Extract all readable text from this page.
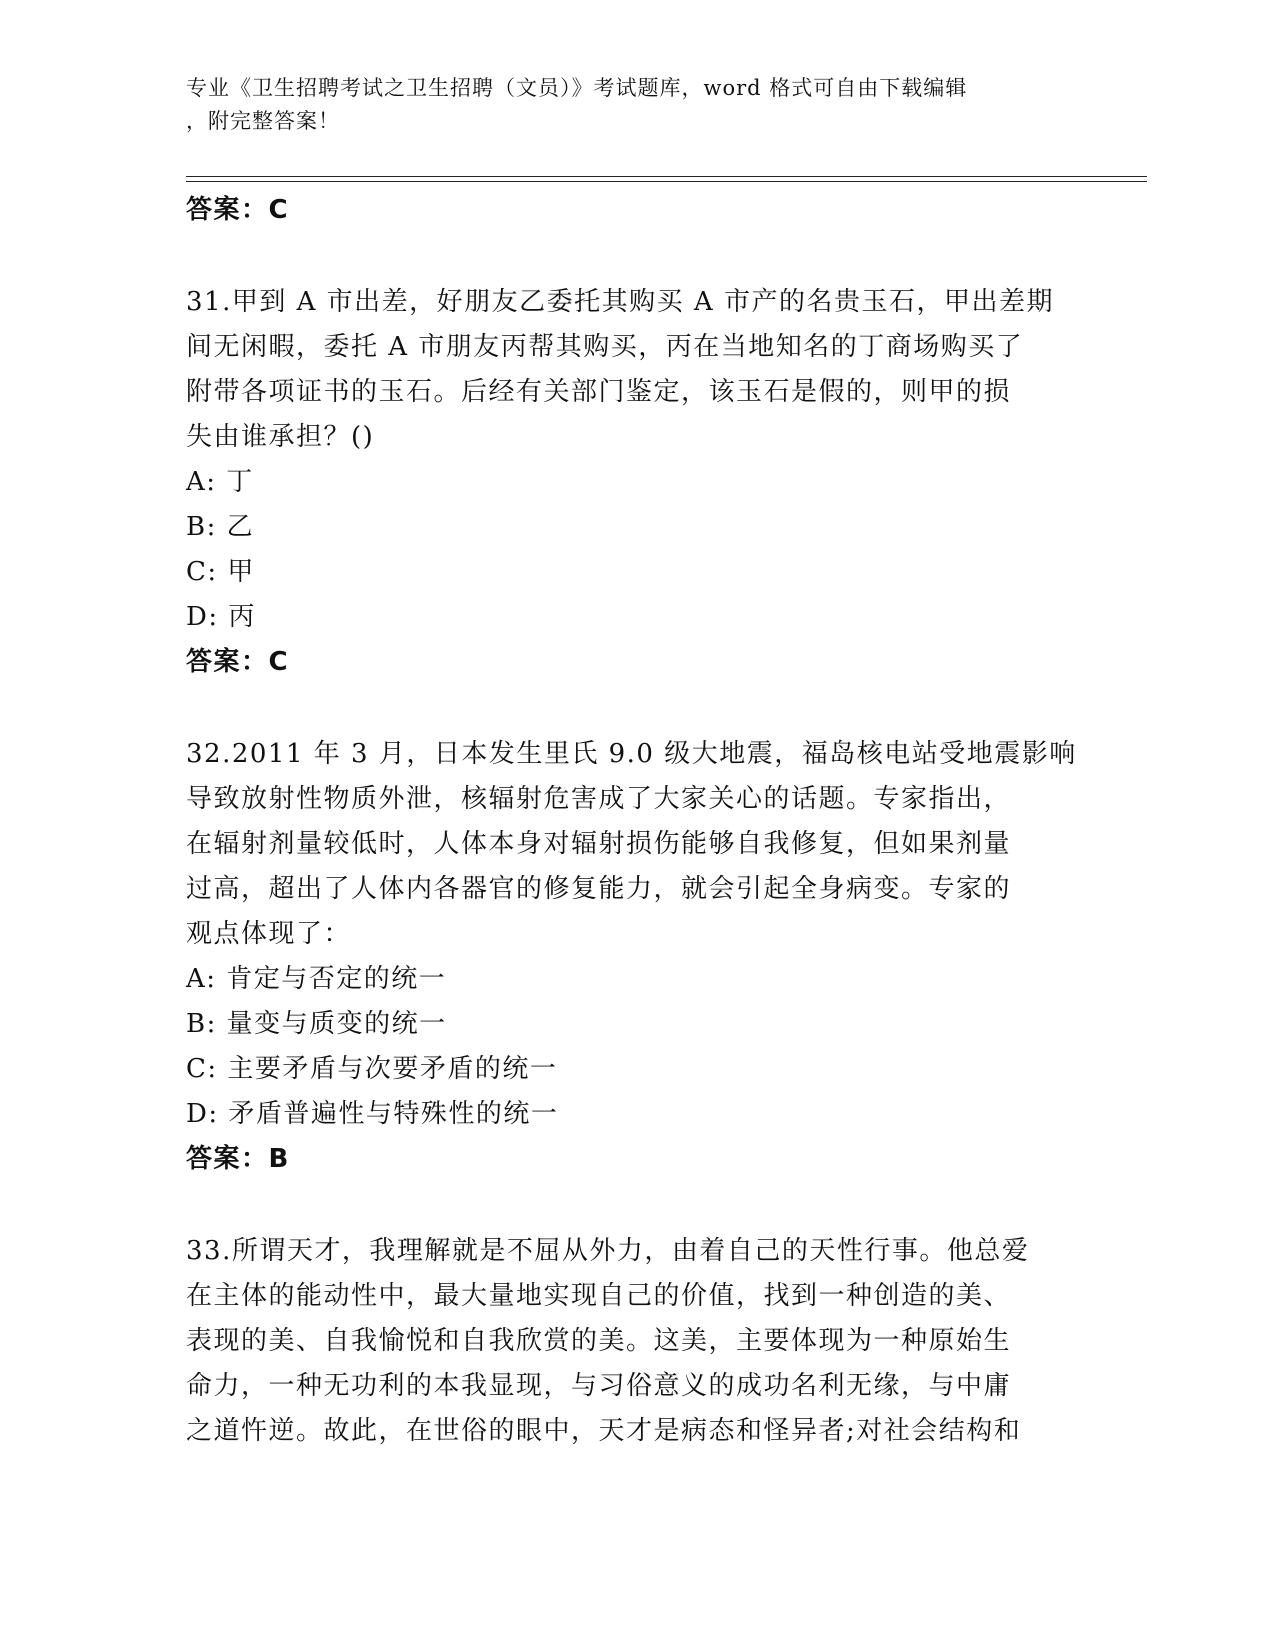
专业《卫生招聘考试之卫生招聘（文员）》考试题库，word 格式可自由下载编辑
，附完整答案！
答案：C
31.甲到 A 市出差，好朋友乙委托其购买 A 市产的名贵玉石，甲出差期
间无闲暇，委托 A 市朋友丙帮其购买，丙在当地知名的丁商场购买了
附带各项证书的玉石。后经有关部门鉴定，该玉石是假的，则甲的损
失由谁承担？()
A: 丁
B: 乙
C: 甲
D: 丙
答案：C
32.2011 年 3 月，日本发生里氏 9.0 级大地震，福岛核电站受地震影响
导致放射性物质外泄，核辐射危害成了大家关心的话题。专家指出，
在辐射剂量较低时，人体本身对辐射损伤能够自我修复，但如果剂量
过高，超出了人体内各器官的修复能力，就会引起全身病变。专家的
观点体现了：
A: 肯定与否定的统一
B: 量变与质变的统一
C: 主要矛盾与次要矛盾的统一
D: 矛盾普遍性与特殊性的统一
答案：B
33.所谓天才，我理解就是不屈从外力，由着自己的天性行事。他总爱
在主体的能动性中，最大量地实现自己的价值，找到一种创造的美、
表现的美、自我愉悦和自我欣赏的美。这美，主要体现为一种原始生
命力，一种无功利的本我显现，与习俗意义的成功名利无缘，与中庸
之道忤逆。故此，在世俗的眼中，天才是病态和怪异者;对社会结构和
